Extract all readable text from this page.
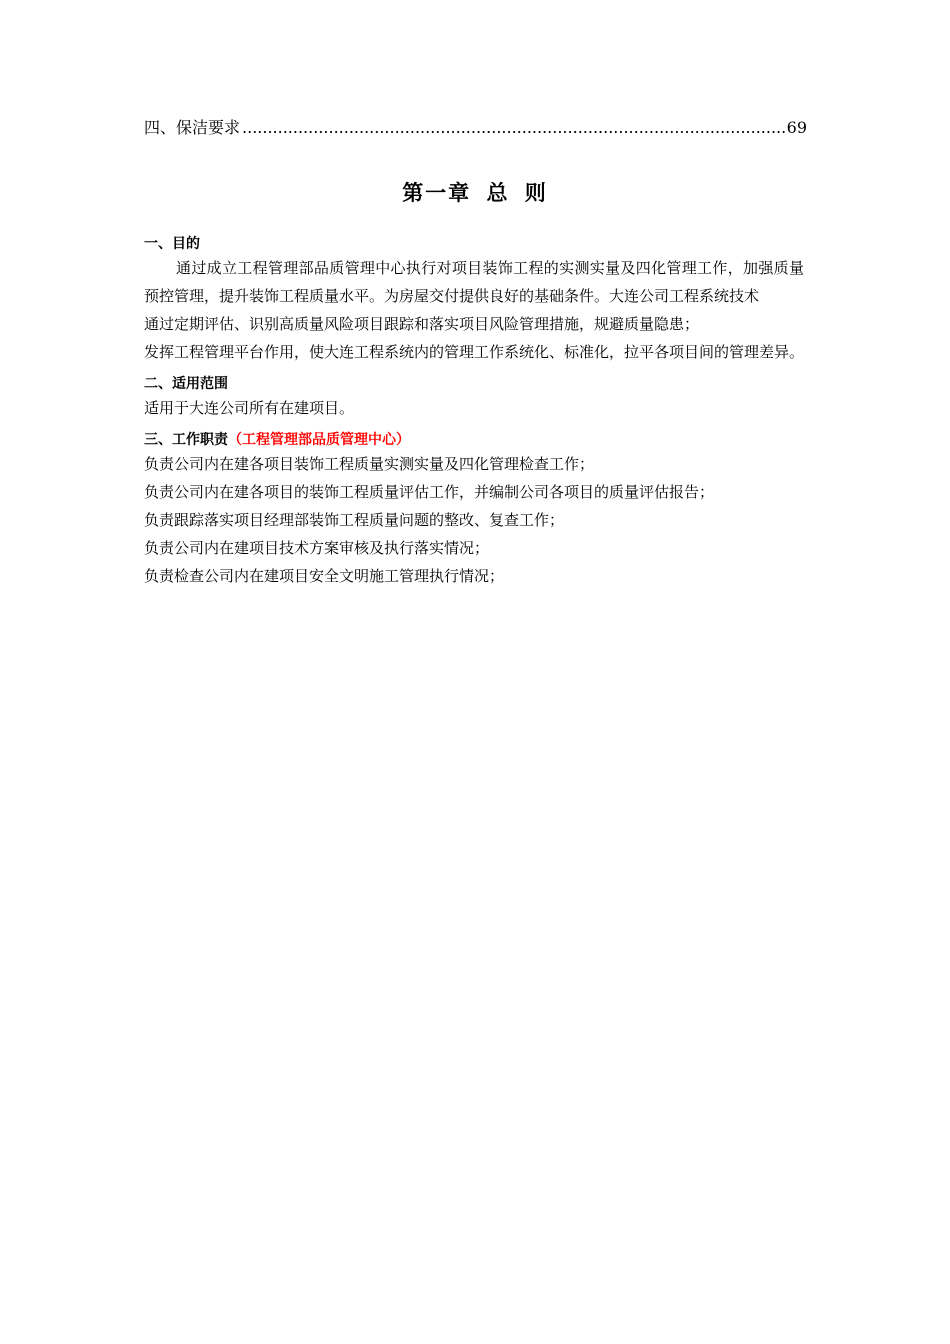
四、保洁要求
.....	69
第一章 总 则

一、目的

通过成立工程管理部品质管理中心执行对项目装饰工程的实测实量及四化管理工作，加强质量预控管理，提升装饰工程质量水平。为房屋交付提供良好的基础条件。大连公司工程系统技术

通过定期评估、识别高质量风险项目跟踪和落实项目风险管理措施，规避质量隐患；

发挥工程管理平台作用，使大连工程系统内的管理工作系统化、标准化，拉平各项目间的管理差异。

二、适用范围

适用于大连公司所有在建项目。

三、工作职责（工程管理部品质管理中心）

负责公司内在建各项目装饰工程质量实测实量及四化管理检查工作；

负责公司内在建各项目的装饰工程质量评估工作，并编制公司各项目的质量评估报告；

负责跟踪落实项目经理部装饰工程质量问题的整改、复查工作；

负责公司内在建项目技术方案审核及执行落实情况；

负责检查公司内在建项目安全文明施工管理执行情况；
